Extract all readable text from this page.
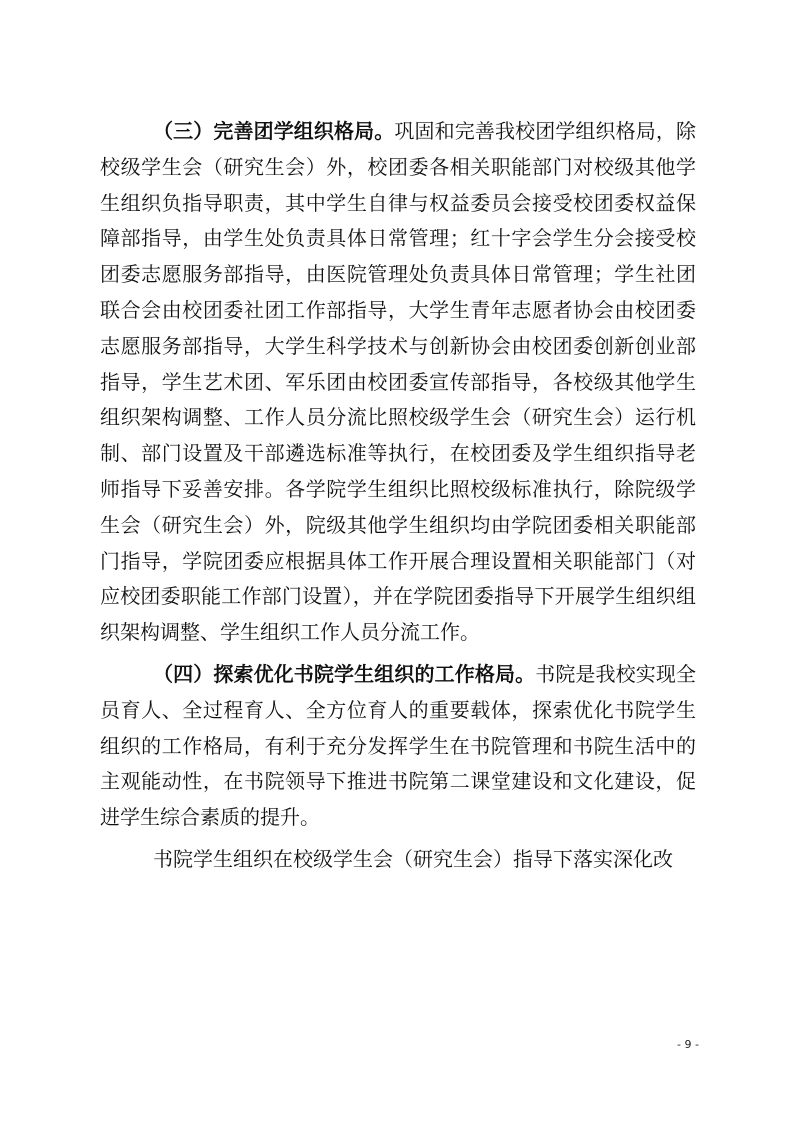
（三）完善团学组织格局。巩固和完善我校团学组织格局，除校级学生会（研究生会）外，校团委各相关职能部门对校级其他学生组织负指导职责，其中学生自律与权益委员会接受校团委权益保障部指导，由学生处负责具体日常管理；红十字会学生分会接受校团委志愿服务部指导，由医院管理处负责具体日常管理；学生社团联合会由校团委社团工作部指导，大学生青年志愿者协会由校团委志愿服务部指导，大学生科学技术与创新协会由校团委创新创业部指导，学生艺术团、军乐团由校团委宣传部指导，各校级其他学生组织架构调整、工作人员分流比照校级学生会（研究生会）运行机制、部门设置及干部遴选标准等执行，在校团委及学生组织指导老师指导下妥善安排。各学院学生组织比照校级标准执行，除院级学生会（研究生会）外，院级其他学生组织均由学院团委相关职能部门指导，学院团委应根据具体工作开展合理设置相关职能部门（对应校团委职能工作部门设置），并在学院团委指导下开展学生组织组织架构调整、学生组织工作人员分流工作。

（四）探索优化书院学生组织的工作格局。书院是我校实现全员育人、全过程育人、全方位育人的重要载体，探索优化书院学生组织的工作格局，有利于充分发挥学生在书院管理和书院生活中的主观能动性，在书院领导下推进书院第二课堂建设和文化建设，促进学生综合素质的提升。

书院学生组织在校级学生会（研究生会）指导下落实深化改

- 9 -
